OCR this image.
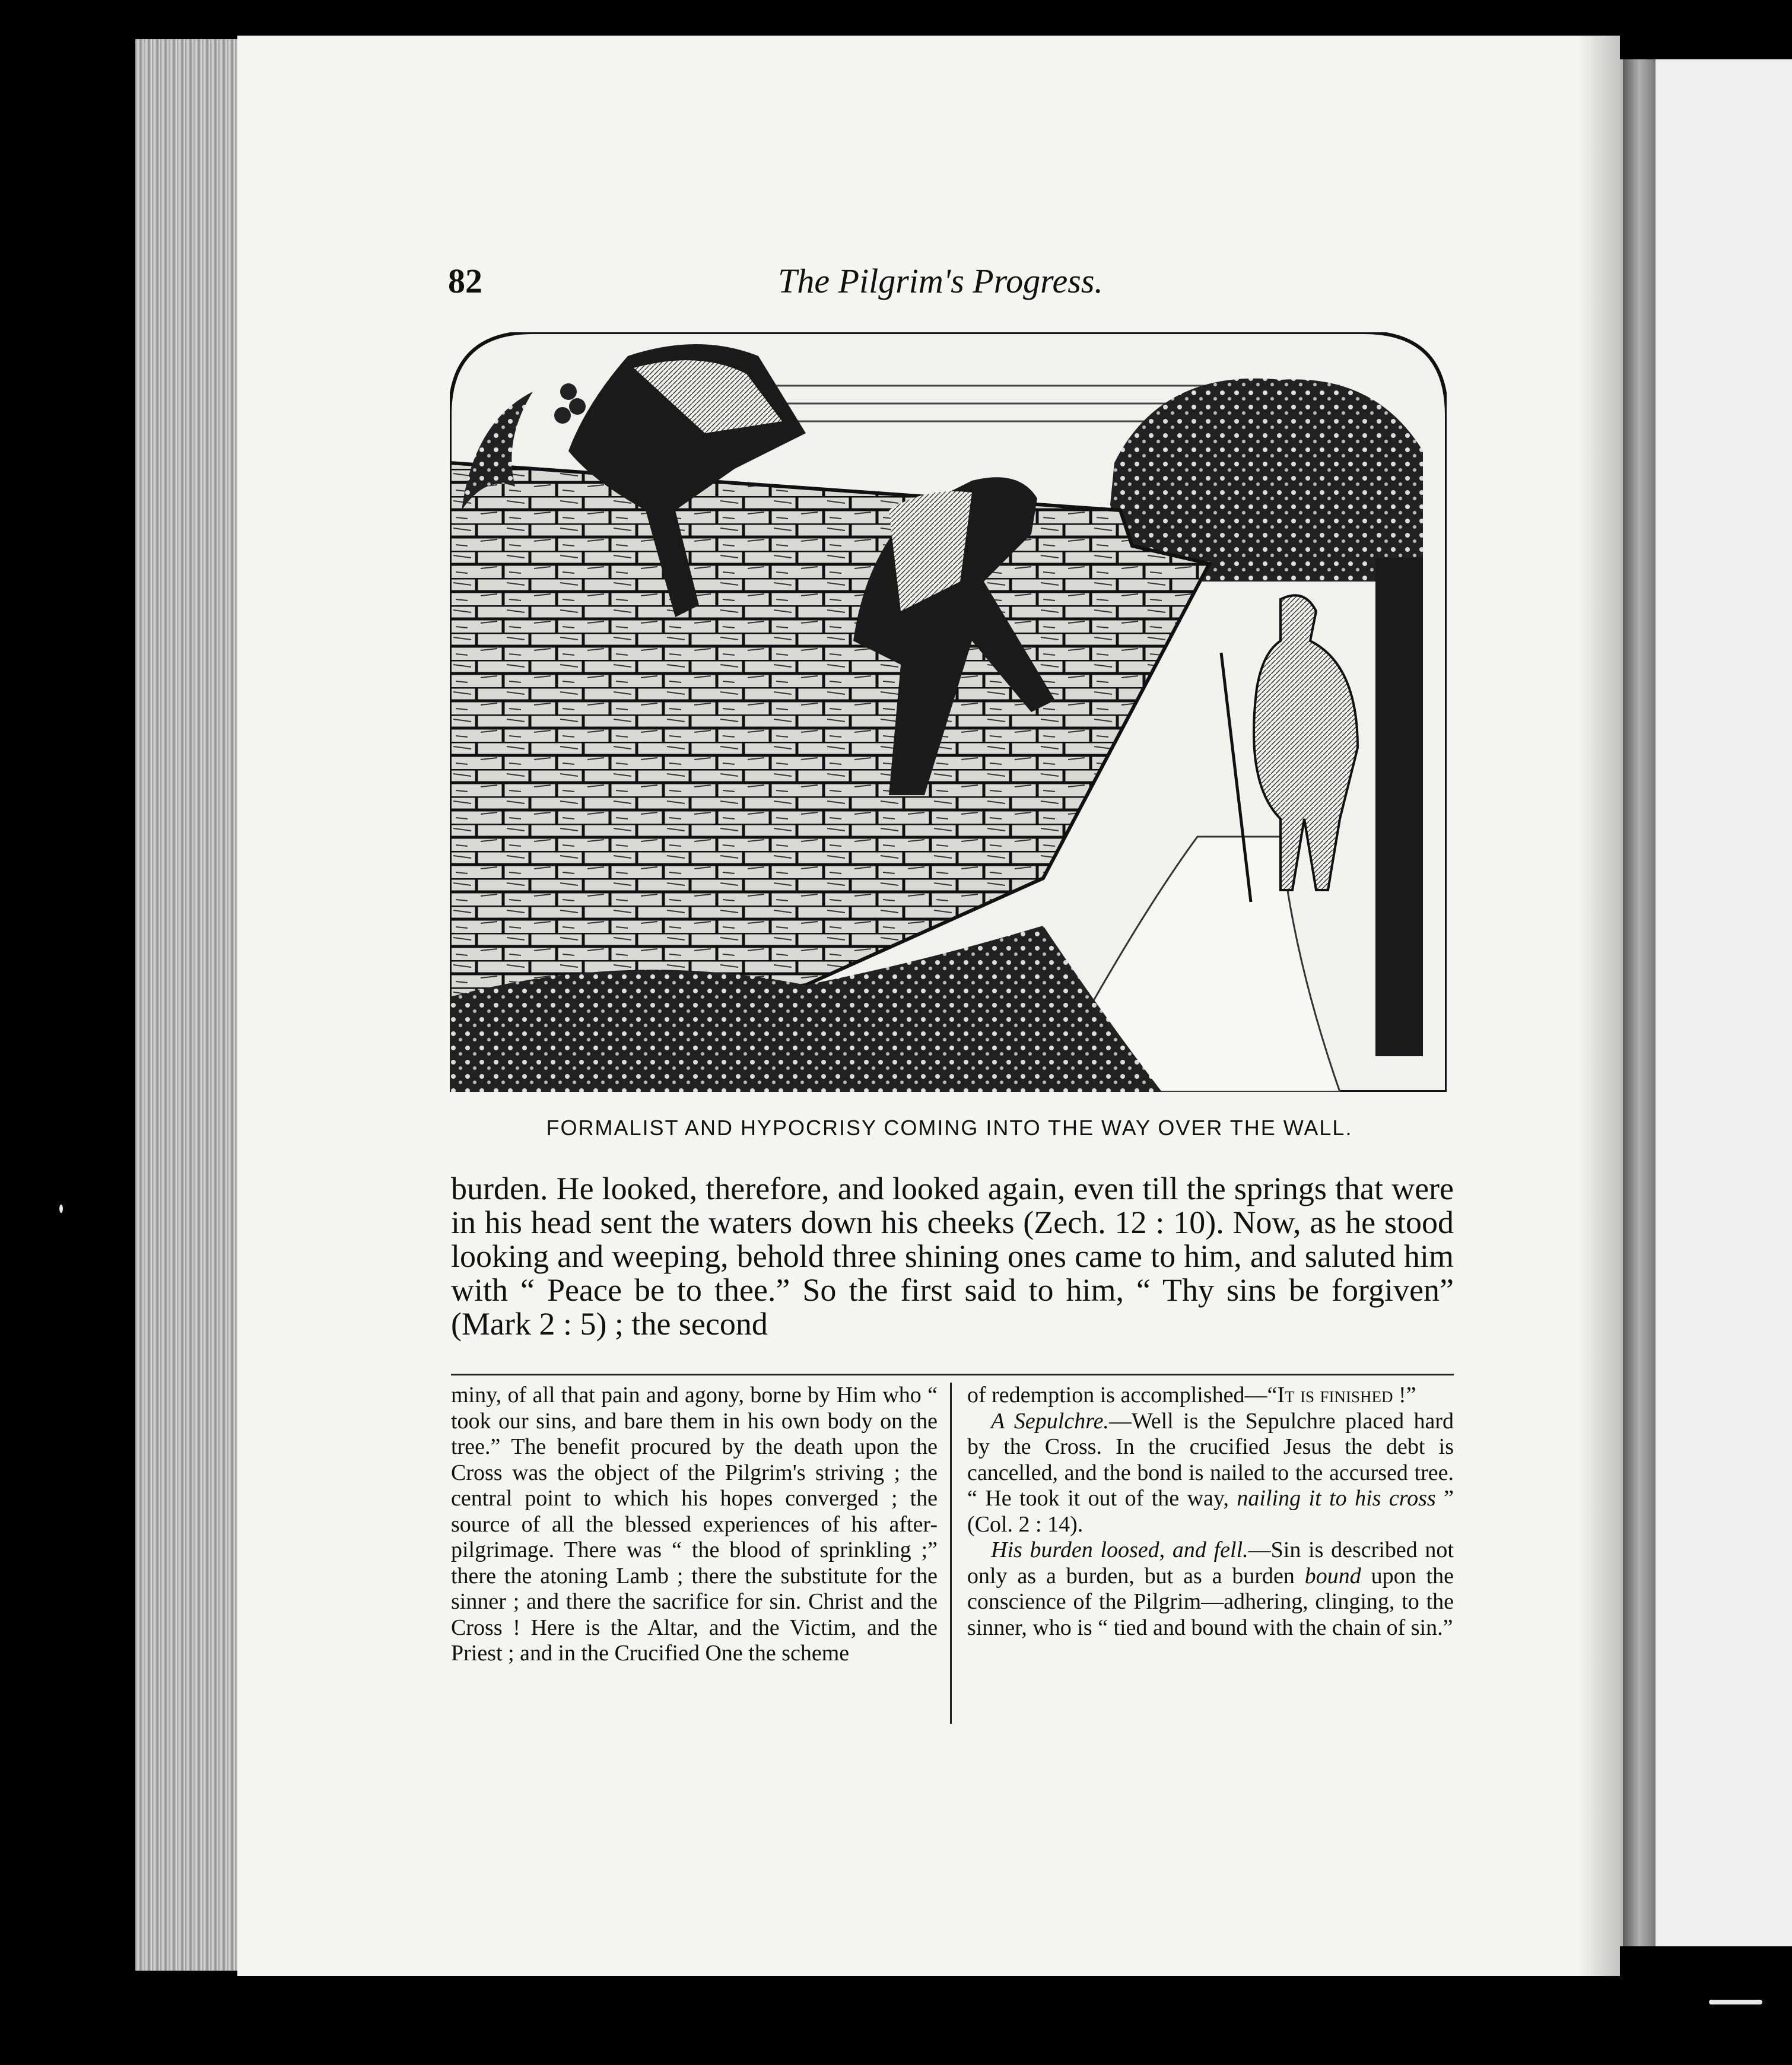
82	The Pilgrim's Progress.
FORMALIST AND HYPOCRISY COMING INTO THE WAY OVER THE WALL.

burden. He looked, therefore, and looked again, even till the springs that were in his head sent the waters down his cheeks (Zech. 12 : 10). Now, as he stood looking and weeping, behold three shining ones came to him, and saluted him with “ Peace be to thee.” So the first said to him, “ Thy sins be forgiven” (Mark 2 : 5) ; the second

miny, of all that pain and agony, borne by Him who “ took our sins, and bare them in his own body on the tree.” The benefit procured by the death upon the Cross was the object of the Pilgrim's striving ; the central point to which his hopes converged ; the source of all the blessed experiences of his after-pilgrimage. There was “ the blood of sprinkling ;” there the atoning Lamb ; there the substitute for the sinner ; and there the sacrifice for sin. Christ and the Cross ! Here is the Altar, and the Victim, and the Priest ; and in the Crucified One the scheme

of redemption is accomplished—“It is finished !”

A Sepulchre.—Well is the Sepulchre placed hard by the Cross. In the crucified Jesus the debt is cancelled, and the bond is nailed to the accursed tree. “ He took it out of the way, nailing it to his cross ” (Col. 2 : 14).

His burden loosed, and fell.—Sin is described not only as a burden, but as a burden bound upon the conscience of the Pilgrim—adhering, clinging, to the sinner, who is “ tied and bound with the chain of sin.”
